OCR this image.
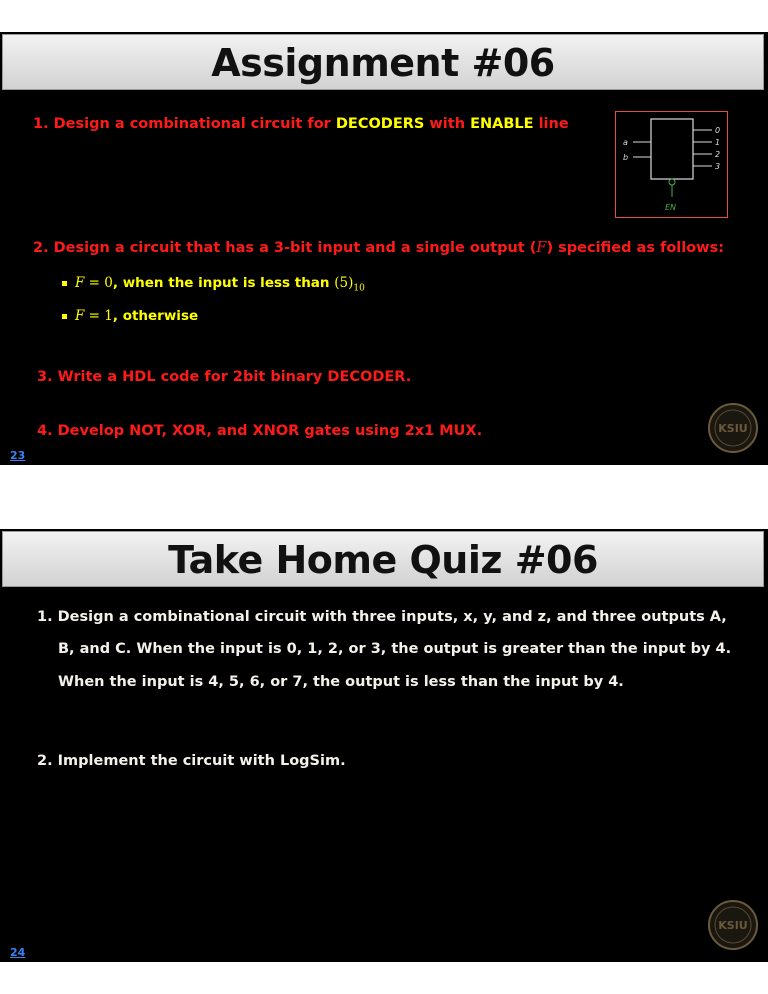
Assignment #06
1. Design a combinational circuit for DECODERS with ENABLE line
a
b
0
1
2
3
EN
2. Design a circuit that has a 3-bit input and a single output (F) specified as follows:
F = 0, when the input is less than $(5)_{10}$
F = 1, otherwise
3. Write a HDL code for 2bit binary DECODER.
4. Develop NOT, XOR, and XNOR gates using 2x1 MUX.
23
KSIU
Take Home Quiz #06
1. Design a combinational circuit with three inputs, x, y, and z, and three outputs A,
B, and C. When the input is 0, 1, 2, or 3, the output is greater than the input by 4.
When the input is 4, 5, 6, or 7, the output is less than the input by 4.
2. Implement the circuit with LogSim.
24
KSIU
